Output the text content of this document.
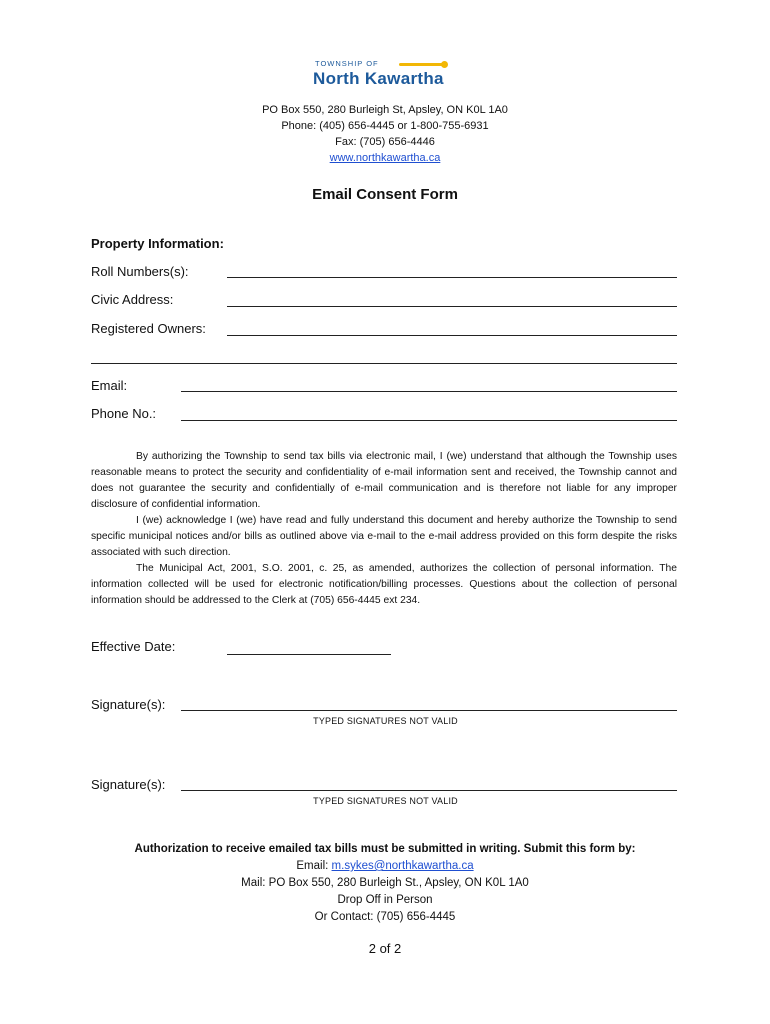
TOWNSHIP OF
North Kawartha
PO Box 550, 280 Burleigh St, Apsley, ON K0L 1A0
Phone: (405) 656-4445 or 1-800-755-6931
Fax: (705) 656-4446
www.northkawartha.ca
Email Consent Form
Property Information:
Roll Numbers(s):
Civic Address:
Registered Owners:
Email:
Phone No.:

By authorizing the Township to send tax bills via electronic mail, I (we) understand that although the Township uses reasonable means to protect the security and confidentiality of e-mail information sent and received, the Township cannot and does not guarantee the security and confidentially of e-mail communication and is therefore not liable for any improper disclosure of confidential information.

I (we) acknowledge I (we) have read and fully understand this document and hereby authorize the Township to send specific municipal notices and/or bills as outlined above via e-mail to the e-mail address provided on this form despite the risks associated with such direction.

The Municipal Act, 2001, S.O. 2001, c. 25, as amended, authorizes the collection of personal information. The information collected will be used for electronic notification/billing processes. Questions about the collection of personal information should be addressed to the Clerk at (705) 656-4445 ext 234.

Effective Date:
Signature(s):
TYPED SIGNATURES NOT VALID
Signature(s):
TYPED SIGNATURES NOT VALID
Authorization to receive emailed tax bills must be submitted in writing. Submit this form by:
Email: m.sykes@northkawartha.ca
Mail: PO Box 550, 280 Burleigh St., Apsley, ON K0L 1A0
Drop Off in Person
Or Contact: (705) 656-4445
2 of 2
